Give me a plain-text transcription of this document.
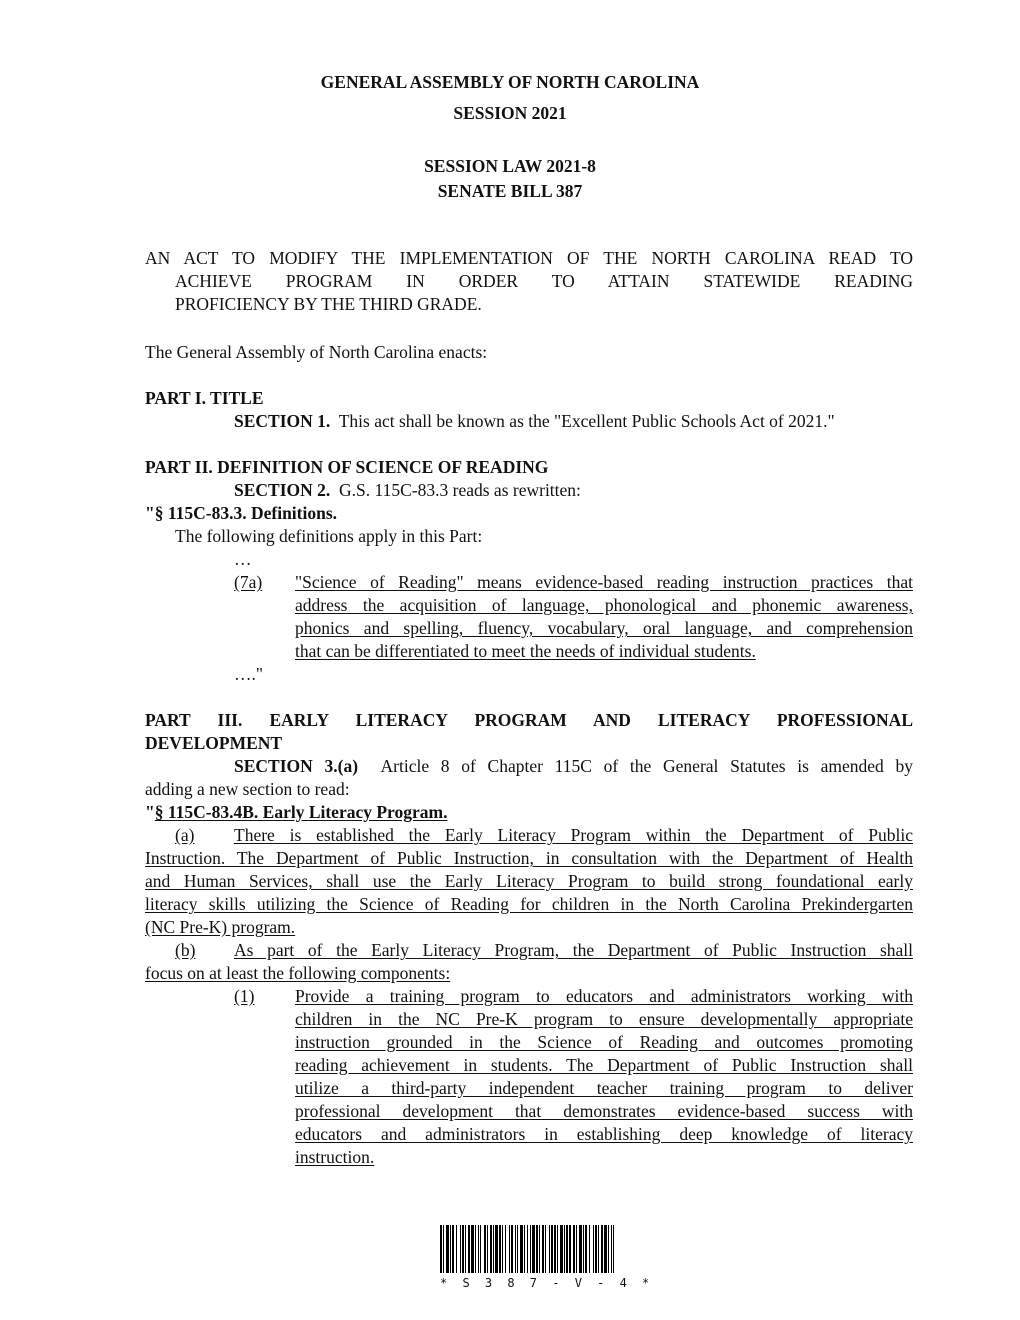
GENERAL ASSEMBLY OF NORTH CAROLINA
SESSION 2021
SESSION LAW 2021-8
SENATE BILL 387
AN ACT TO MODIFY THE IMPLEMENTATION OF THE NORTH CAROLINA READ TO
ACHIEVE PROGRAM IN ORDER TO ATTAIN STATEWIDE READING
PROFICIENCY BY THE THIRD GRADE.
The General Assembly of North Carolina enacts:
PART I. TITLE
SECTION 1. This act shall be known as the "Excellent Public Schools Act of 2021."
PART II. DEFINITION OF SCIENCE OF READING
SECTION 2. G.S. 115C-83.3 reads as rewritten:
"§ 115C-83.3. Definitions.
The following definitions apply in this Part:
…
(7a) "Science of Reading" means evidence-based reading instruction practices that
address the acquisition of language, phonological and phonemic awareness,
phonics and spelling, fluency, vocabulary, oral language, and comprehension
that can be differentiated to meet the needs of individual students.
…."
PART III. EARLY LITERACY PROGRAM AND LITERACY PROFESSIONAL
DEVELOPMENT
SECTION 3.(a) Article 8 of Chapter 115C of the General Statutes is amended by
adding a new section to read:
"§ 115C-83.4B. Early Literacy Program.
(a) There is established the Early Literacy Program within the Department of Public
Instruction. The Department of Public Instruction, in consultation with the Department of Health
and Human Services, shall use the Early Literacy Program to build strong foundational early
literacy skills utilizing the Science of Reading for children in the North Carolina Prekindergarten
(NC Pre-K) program.
(b) As part of the Early Literacy Program, the Department of Public Instruction shall
focus on at least the following components:
(1) Provide a training program to educators and administrators working with
children in the NC Pre-K program to ensure developmentally appropriate
instruction grounded in the Science of Reading and outcomes promoting
reading achievement in students. The Department of Public Instruction shall
utilize a third-party independent teacher training program to deliver
professional development that demonstrates evidence-based success with
educators and administrators in establishing deep knowledge of literacy
instruction.
* S 3 8 7 - V - 4 *
